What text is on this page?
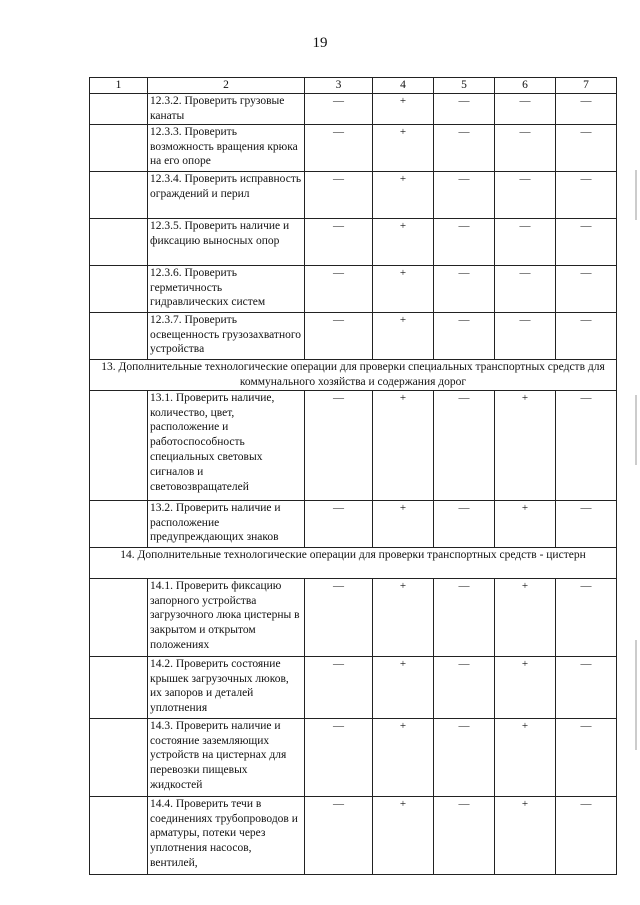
19
1	2	3	4	5	6	7
	12.3.2. Проверить грузовые канаты	—	+	—	—	—
	12.3.3. Проверить возможность вращения крюка на его опоре	—	+	—	—	—
	12.3.4. Проверить исправность ограждений и перил	—	+	—	—	—
	12.3.5. Проверить наличие и фиксацию выносных опор	—	+	—	—	—
	12.3.6. Проверить герметичность гидравлических систем	—	+	—	—	—
	12.3.7. Проверить освещенность грузозахватного устройства	—	+	—	—	—
13. Дополнительные технологические операции для проверки специальных транспортных средств для коммунального хозяйства и содержания дорог						
	13.1. Проверить наличие, количество, цвет, расположение и работоспособность специальных световых сигналов и световозвращателей	—	+	—	+	—
	13.2. Проверить наличие и расположение предупреждающих знаков	—	+	—	+	—
14. Дополнительные технологические операции для проверки транспортных средств - цистерн						
	14.1. Проверить фиксацию запорного устройства загрузочного люка цистерны в закрытом и открытом положениях	—	+	—	+	—
	14.2. Проверить состояние крышек загрузочных люков, их запоров и деталей уплотнения	—	+	—	+	—
	14.3. Проверить наличие и состояние заземляющих устройств на цистернах для перевозки пищевых жидкостей	—	+	—	+	—
	14.4. Проверить течи в соединениях трубопроводов и арматуры, потеки через уплотнения насосов, вентилей,	—	+	—	+	—
